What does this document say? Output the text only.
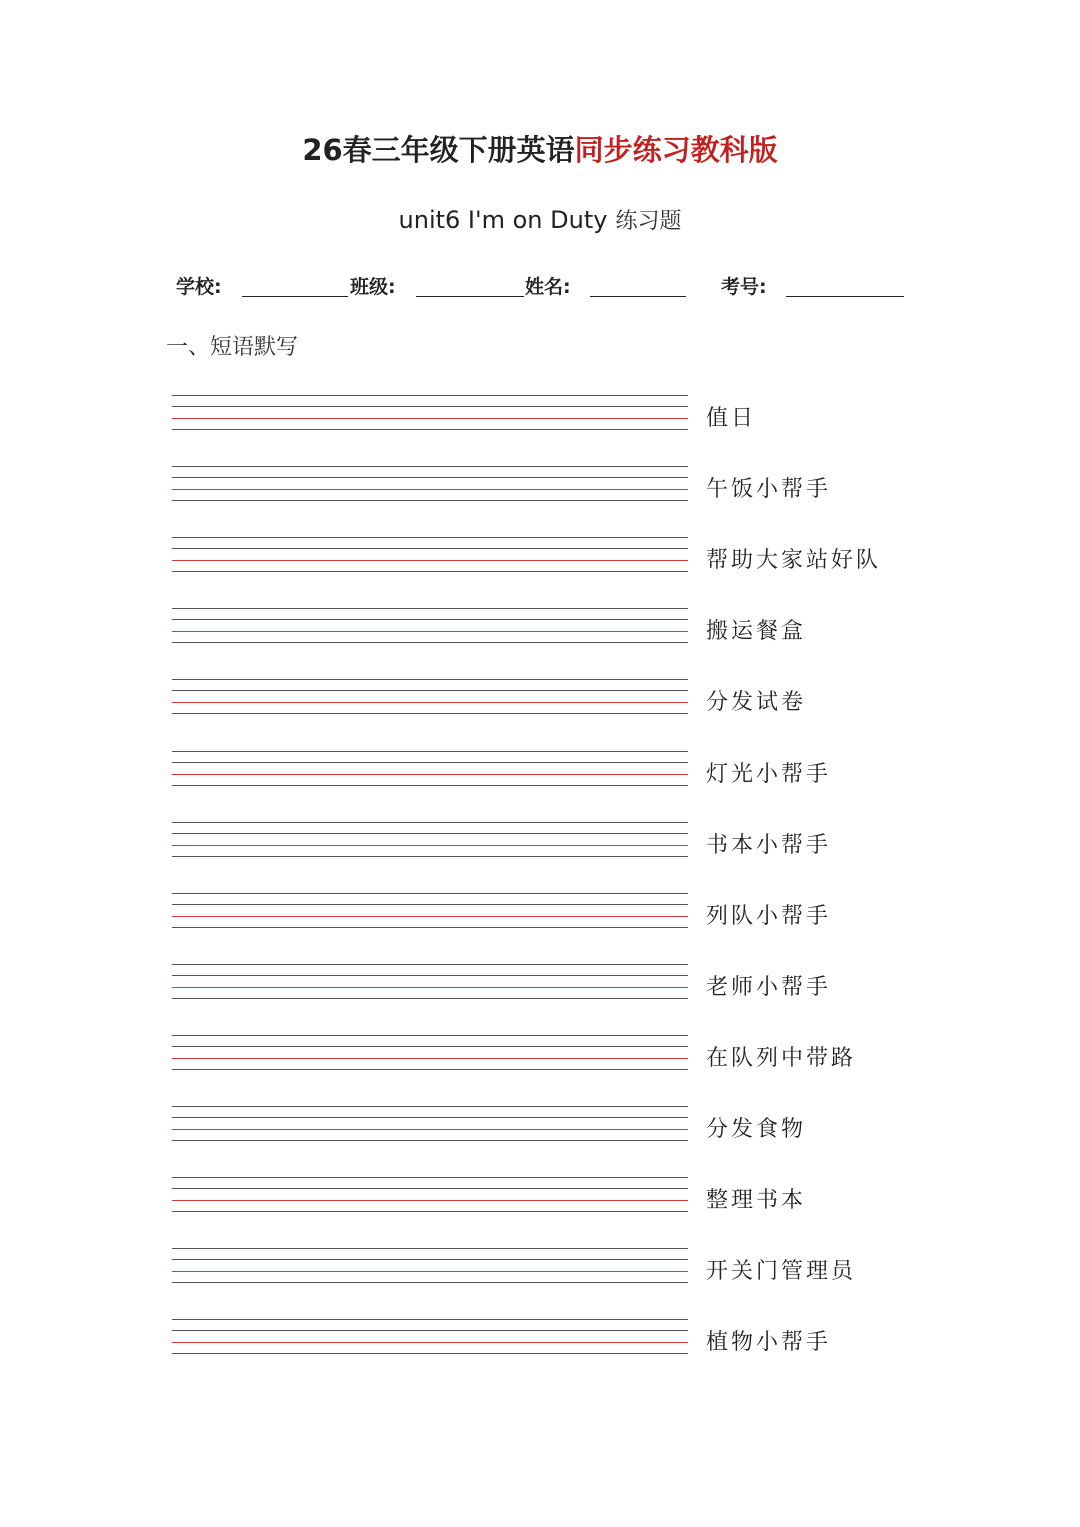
26春三年级下册英语同步练习教科版
unit6 I'm on Duty 练习题
学校:	班级:	姓名:	考号:
一、短语默写
值日
午饭小帮手
帮助大家站好队
搬运餐盒
分发试卷
灯光小帮手
书本小帮手
列队小帮手
老师小帮手
在队列中带路
分发食物
整理书本
开关门管理员
植物小帮手
